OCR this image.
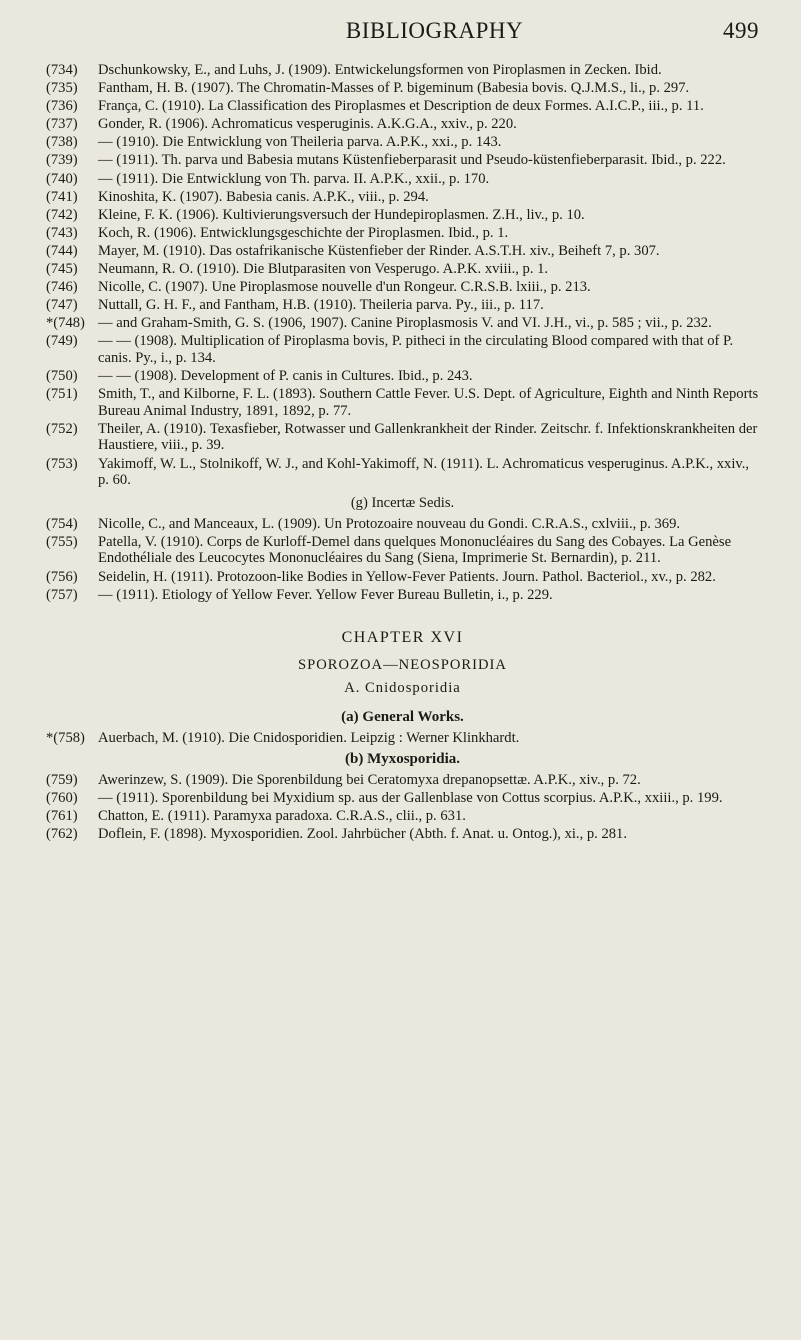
BIBLIOGRAPHY	499
(734) Dschunkowsky, E., and Luhs, J. (1909). Entwickelungsformen von Piroplasmen in Zecken. Ibid.
(735) Fantham, H. B. (1907). The Chromatin-Masses of P. bigeminum (Babesia bovis. Q.J.M.S., li., p. 297.
(736) França, C. (1910). La Classification des Piroplasmes et Description de deux Formes. A.I.C.P., iii., p. 11.
(737) Gonder, R. (1906). Achromaticus vesperuginis. A.K.G.A., xxiv., p. 220.
(738) — (1910). Die Entwicklung von Theileria parva. A.P.K., xxi., p. 143.
(739) — (1911). Th. parva und Babesia mutans Küstenfieberparasit und Pseudo-küstenfieberparasit. Ibid., p. 222.
(740) — (1911). Die Entwicklung von Th. parva. II. A.P.K., xxii., p. 170.
(741) Kinoshita, K. (1907). Babesia canis. A.P.K., viii., p. 294.
(742) Kleine, F. K. (1906). Kultivierungsversuch der Hundepiroplasmen. Z.H., liv., p. 10.
(743) Koch, R. (1906). Entwicklungsgeschichte der Piroplasmen. Ibid., p. 1.
(744) Mayer, M. (1910). Das ostafrikanische Küstenfieber der Rinder. A.S.T.H. xiv., Beiheft 7, p. 307.
(745) Neumann, R. O. (1910). Die Blutparasiten von Vesperugo. A.P.K. xviii., p. 1.
(746) Nicolle, C. (1907). Une Piroplasmose nouvelle d'un Rongeur. C.R.S.B. lxiii., p. 213.
(747) Nuttall, G. H. F., and Fantham, H.B. (1910). Theileria parva. Py., iii., p. 117.
*(748) — and Graham-Smith, G. S. (1906, 1907). Canine Piroplasmosis V. and VI. J.H., vi., p. 585 ; vii., p. 232.
(749) — — (1908). Multiplication of Piroplasma bovis, P. pitheci in the circulating Blood compared with that of P. canis. Py., i., p. 134.
(750) — — (1908). Development of P. canis in Cultures. Ibid., p. 243.
(751) Smith, T., and Kilborne, F. L. (1893). Southern Cattle Fever. U.S. Dept. of Agriculture, Eighth and Ninth Reports Bureau Animal Industry, 1891, 1892, p. 77.
(752) Theiler, A. (1910). Texasfieber, Rotwasser und Gallenkrankheit der Rinder. Zeitschr. f. Infektionskrankheiten der Haustiere, viii., p. 39.
(753) Yakimoff, W. L., Stolnikoff, W. J., and Kohl-Yakimoff, N. (1911). L. Achromaticus vesperuginus. A.P.K., xxiv., p. 60.
(g) Incertæ Sedis.
(754) Nicolle, C., and Manceaux, L. (1909). Un Protozoaire nouveau du Gondi. C.R.A.S., cxlviii., p. 369.
(755) Patella, V. (1910). Corps de Kurloff-Demel dans quelques Mononucléaires du Sang des Cobayes. La Genèse Endothéliale des Leucocytes Mononucléaires du Sang (Siena, Imprimerie St. Bernardin), p. 211.
(756) Seidelin, H. (1911). Protozoon-like Bodies in Yellow-Fever Patients. Journ. Pathol. Bacteriol., xv., p. 282.
(757) — (1911). Etiology of Yellow Fever. Yellow Fever Bureau Bulletin, i., p. 229.
CHAPTER XVI
SPOROZOA—NEOSPORIDIA
A. Cnidosporidia
(a) General Works.
*(758) Auerbach, M. (1910). Die Cnidosporidien. Leipzig : Werner Klinkhardt.
(b) Myxosporidia.
(759) Awerinzew, S. (1909). Die Sporenbildung bei Ceratomyxa drepanopsettæ. A.P.K., xiv., p. 72.
(760) — (1911). Sporenbildung bei Myxidium sp. aus der Gallenblase von Cottus scorpius. A.P.K., xxiii., p. 199.
(761) Chatton, E. (1911). Paramyxa paradoxa. C.R.A.S., clii., p. 631.
(762) Doflein, F. (1898). Myxosporidien. Zool. Jahrbücher (Abth. f. Anat. u. Ontog.), xi., p. 281.
